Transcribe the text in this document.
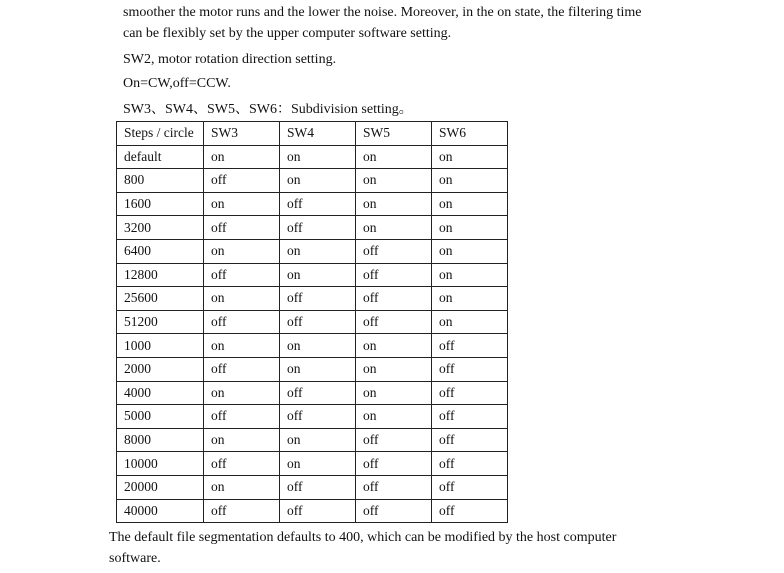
smoother the motor runs and the lower the noise. Moreover, in the on state, the filtering time
can be flexibly set by the upper computer software setting.
SW2, motor rotation direction setting.
On=CW,off=CCW.
SW3、SW4、SW5、SW6：Subdivision setting。
Steps / circle	SW3	SW4	SW5	SW6
default	on	on	on	on
800	off	on	on	on
1600	on	off	on	on
3200	off	off	on	on
6400	on	on	off	on
12800	off	on	off	on
25600	on	off	off	on
51200	off	off	off	on
1000	on	on	on	off
2000	off	on	on	off
4000	on	off	on	off
5000	off	off	on	off
8000	on	on	off	off
10000	off	on	off	off
20000	on	off	off	off
40000	off	off	off	off
The default file segmentation defaults to 400, which can be modified by the host computer
software.
